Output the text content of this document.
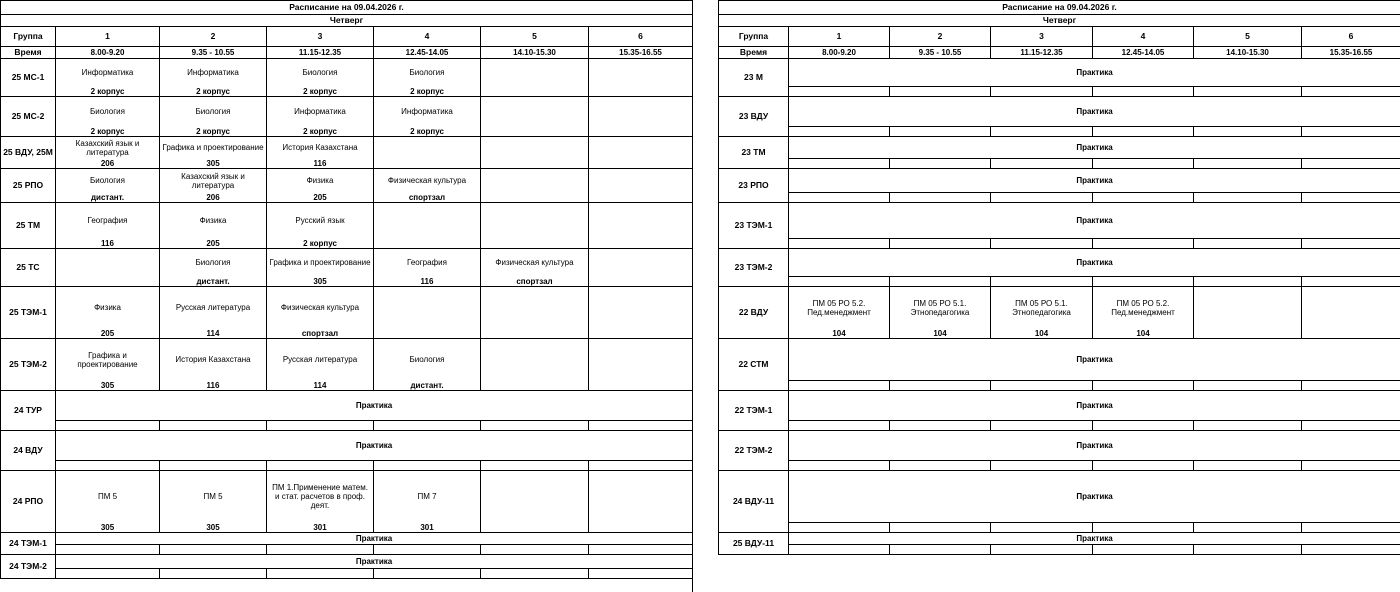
Расписание на 09.04.2026 г.						
Четверг						
Группа	1	2	3	4	5	6
Время	8.00-9.20	9.35 - 10.55	11.15-12.35	12.45-14.05	14.10-15.30	15.35-16.55
25 МС-1	Информатика	Информатика	Биология	Биология		
	2 корпус	2 корпус	2 корпус	2 корпус		
25 МС-2	Биология	Биология	Информатика	Информатика		
	2 корпус	2 корпус	2 корпус	2 корпус		
25 ВДУ, 25М	Казахский язык и литература	Графика и проектирование	История Казахстана			
	206	305	116			
25 РПО	Биология	Казахский язык и литература	Физика	Физическая культура		
	дистант.	206	205	спортзал		
25 ТМ	География	Физика	Русский язык			
	116	205	2 корпус			
25 ТС		Биология	Графика и проектирование	География	Физическая культура	
		дистант.	305	116	спортзал	
25 ТЭМ-1	Физика	Русская литература	Физическая культура			
	205	114	спортзал			
25 ТЭМ-2	Графика и проектирование	История Казахстана	Русская литература	Биология		
	305	116	114	дистант.		
24 ТУР	Практика					

24 ВДУ	Практика					

24 РПО	ПМ 5	ПМ 5	ПМ 1.Применение матем. и стат. расчетов в проф. деят.	ПМ 7		
	305	305	301	301		
24 ТЭМ-1	Практика					

24 ТЭМ-2	Практика					

Расписание на 09.04.2026 г.						
Четверг						
Группа	1	2	3	4	5	6
Время	8.00-9.20	9.35 - 10.55	11.15-12.35	12.45-14.05	14.10-15.30	15.35-16.55
23 М	Практика					

23 ВДУ	Практика					

23 ТМ	Практика					

23 РПО	Практика					

23 ТЭМ-1	Практика					

23 ТЭМ-2	Практика					

22 ВДУ	ПМ 05 РО 5.2. Пед.менеджмент	ПМ 05 РО 5.1. Этнопедагогика	ПМ 05 РО 5.1. Этнопедагогика	ПМ 05 РО 5.2. Пед.менеджмент		
	104	104	104	104		
22 СТМ	Практика					

22 ТЭМ-1	Практика					

22 ТЭМ-2	Практика					

24 ВДУ-11	Практика					

25 ВДУ-11	Практика					
